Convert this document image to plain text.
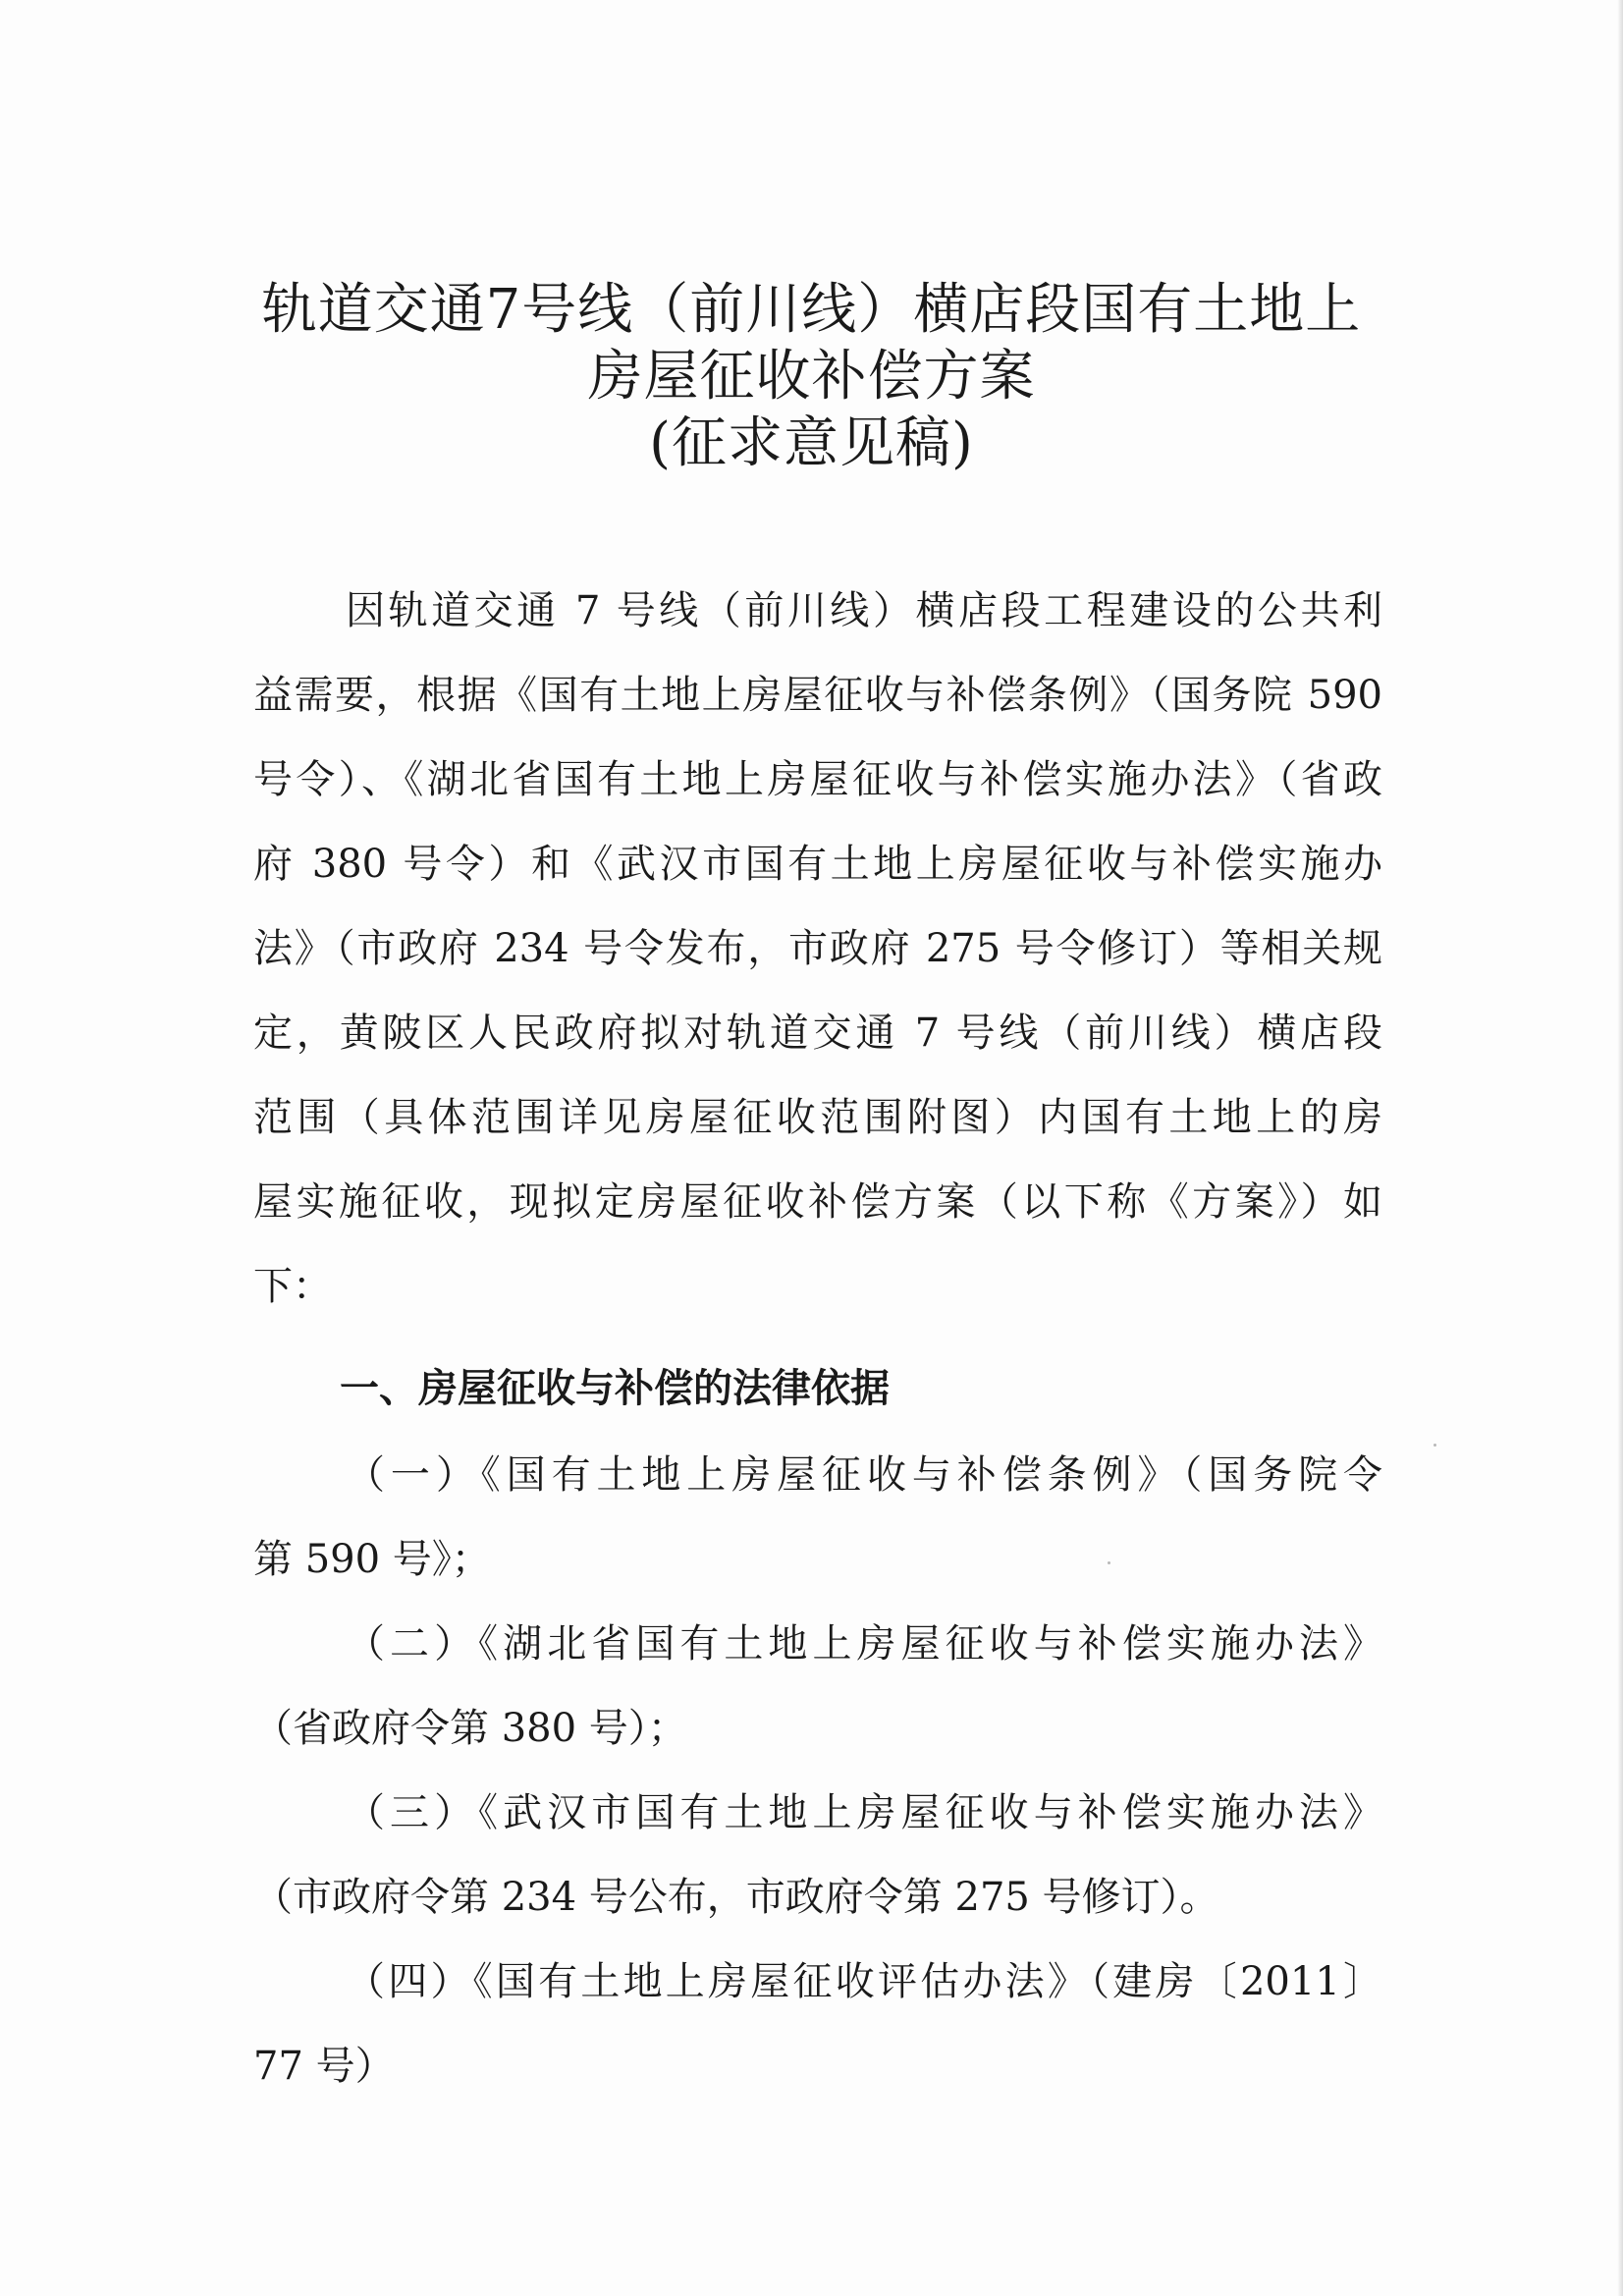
轨道交通7号线（前川线）横店段国有土地上
房屋征收补偿方案
(征求意见稿)
因轨道交通 7 号线（前川线）横店段工程建设的公共利
益需要，根据《国有土地上房屋征收与补偿条例》（国务院 590
号令）、《湖北省国有土地上房屋征收与补偿实施办法》（省政
府 380 号令）和《武汉市国有土地上房屋征收与补偿实施办
法》（市政府 234 号令发布，市政府 275 号令修订）等相关规
定，黄陂区人民政府拟对轨道交通 7 号线（前川线）横店段
范围（具体范围详见房屋征收范围附图）内国有土地上的房
屋实施征收，现拟定房屋征收补偿方案（以下称《方案》）如
下：
一、房屋征收与补偿的法律依据
（一）《国有土地上房屋征收与补偿条例》（国务院令
第 590 号》；
（二）《湖北省国有土地上房屋征收与补偿实施办法》
（省政府令第 380 号）；
（三）《武汉市国有土地上房屋征收与补偿实施办法》
（市政府令第 234 号公布，市政府令第 275 号修订）。
（四）《国有土地上房屋征收评估办法》（建房〔2011〕
77 号）
